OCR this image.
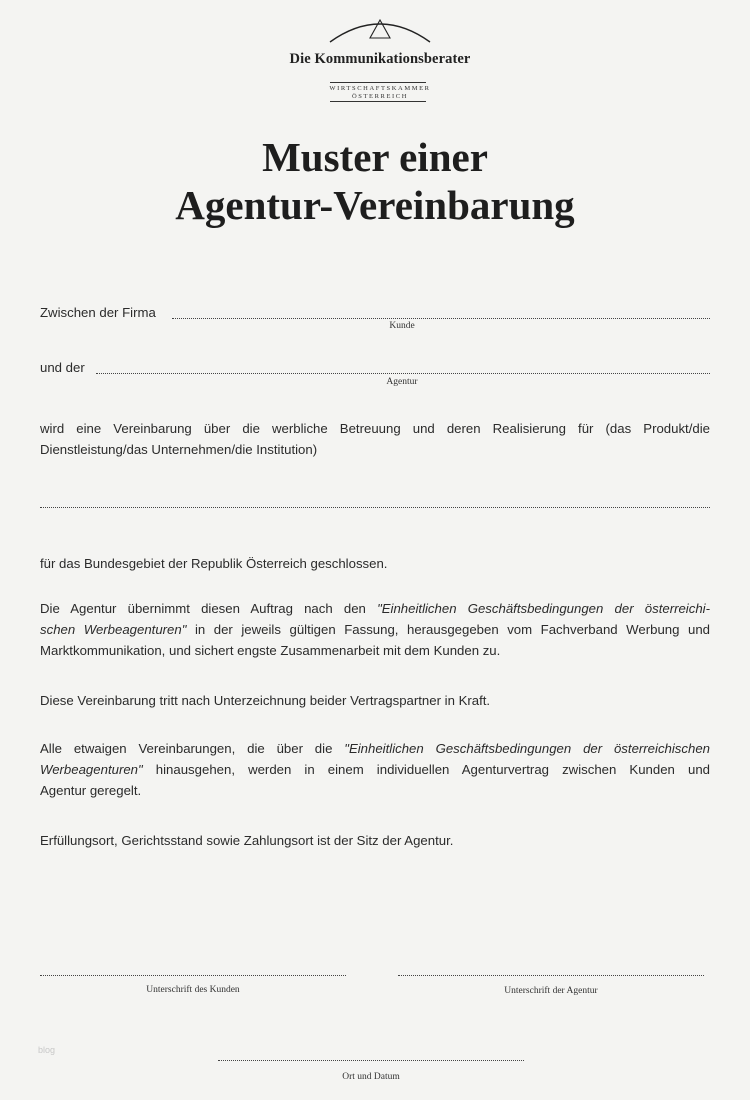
Die Kommunikationsberater
WIRTSCHAFTSKAMMER
ÖSTERREICH
Muster einer
Agentur-Vereinbarung
Zwischen der Firma
Kunde
und der
Agentur
wird eine Vereinbarung über die werbliche Betreuung und deren Realisierung für (das Produkt/die
Dienstleistung/das Unternehmen/die Institution)
für das Bundesgebiet der Republik Österreich geschlossen.
Die Agentur übernimmt diesen Auftrag nach den "Einheitlichen Geschäftsbedingungen der österreichi-
schen Werbeagenturen" in der jeweils gültigen Fassung, herausgegeben vom Fachverband Werbung und
Marktkommunikation, und sichert engste Zusammenarbeit mit dem Kunden zu.
Diese Vereinbarung tritt nach Unterzeichnung beider Vertragspartner in Kraft.
Alle etwaigen Vereinbarungen, die über die "Einheitlichen Geschäftsbedingungen der österreichischen
Werbeagenturen" hinausgehen, werden in einem individuellen Agenturvertrag zwischen Kunden und
Agentur geregelt.
Erfüllungsort, Gerichtsstand sowie Zahlungsort ist der Sitz der Agentur.
Unterschrift des Kunden	Unterschrift der Agentur
Ort und Datum
blog
